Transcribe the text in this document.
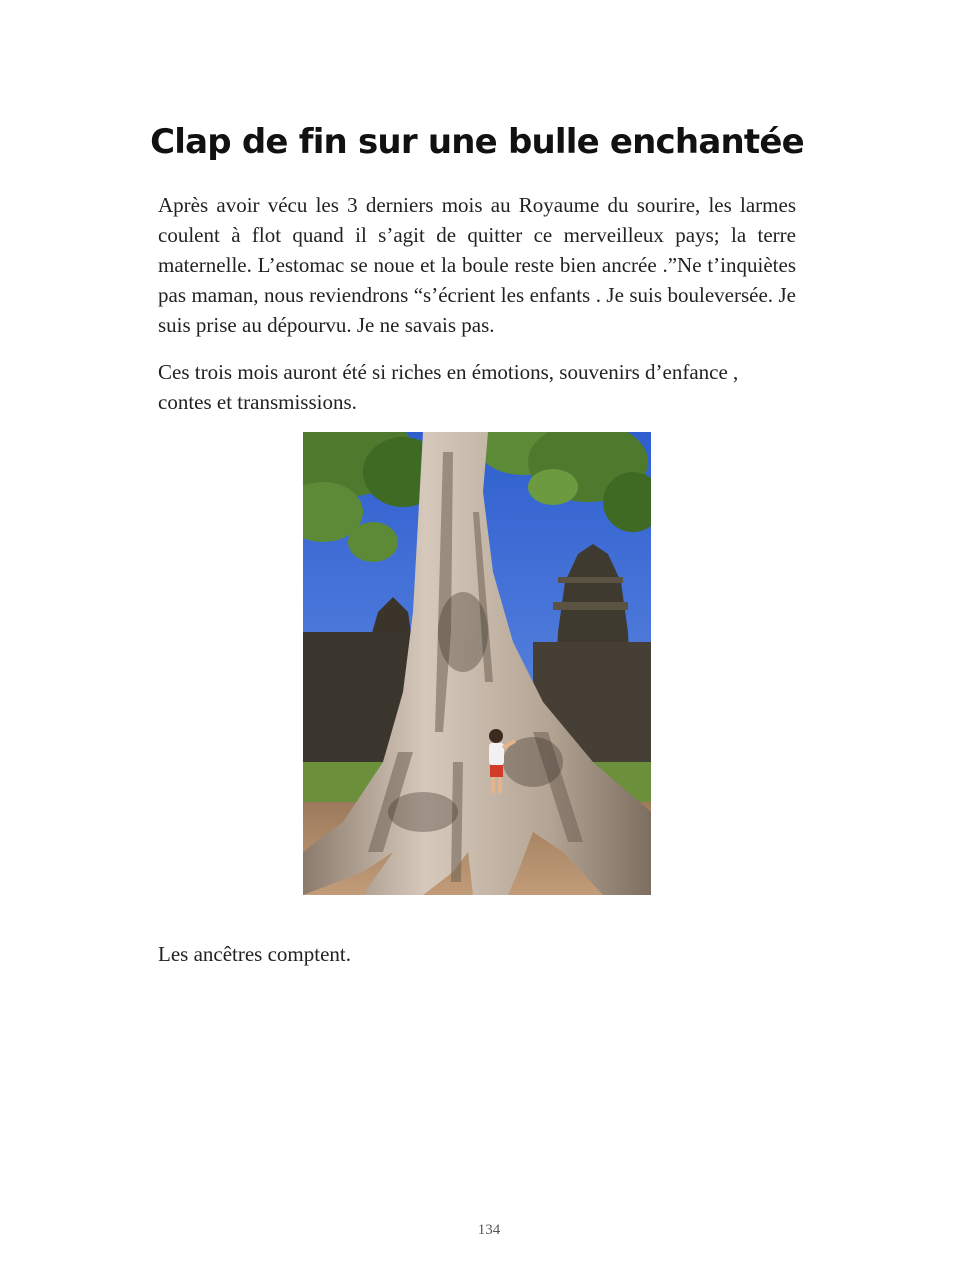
Clap de fin sur une bulle enchantée

Après avoir vécu les 3 derniers mois au Royaume du sourire, les larmes coulent à flot quand il s’agit de quitter ce merveilleux pays; la terre maternelle. L’estomac se noue et la boule reste bien ancrée .”Ne t’inquiètes pas maman, nous reviendrons “s’écrient les enfants . Je suis bouleversée. Je suis prise au dépourvu. Je ne savais pas.

Ces trois mois auront été si riches en émotions, souvenirs d’enfance , contes et transmissions.

Les ancêtres comptent.

134
